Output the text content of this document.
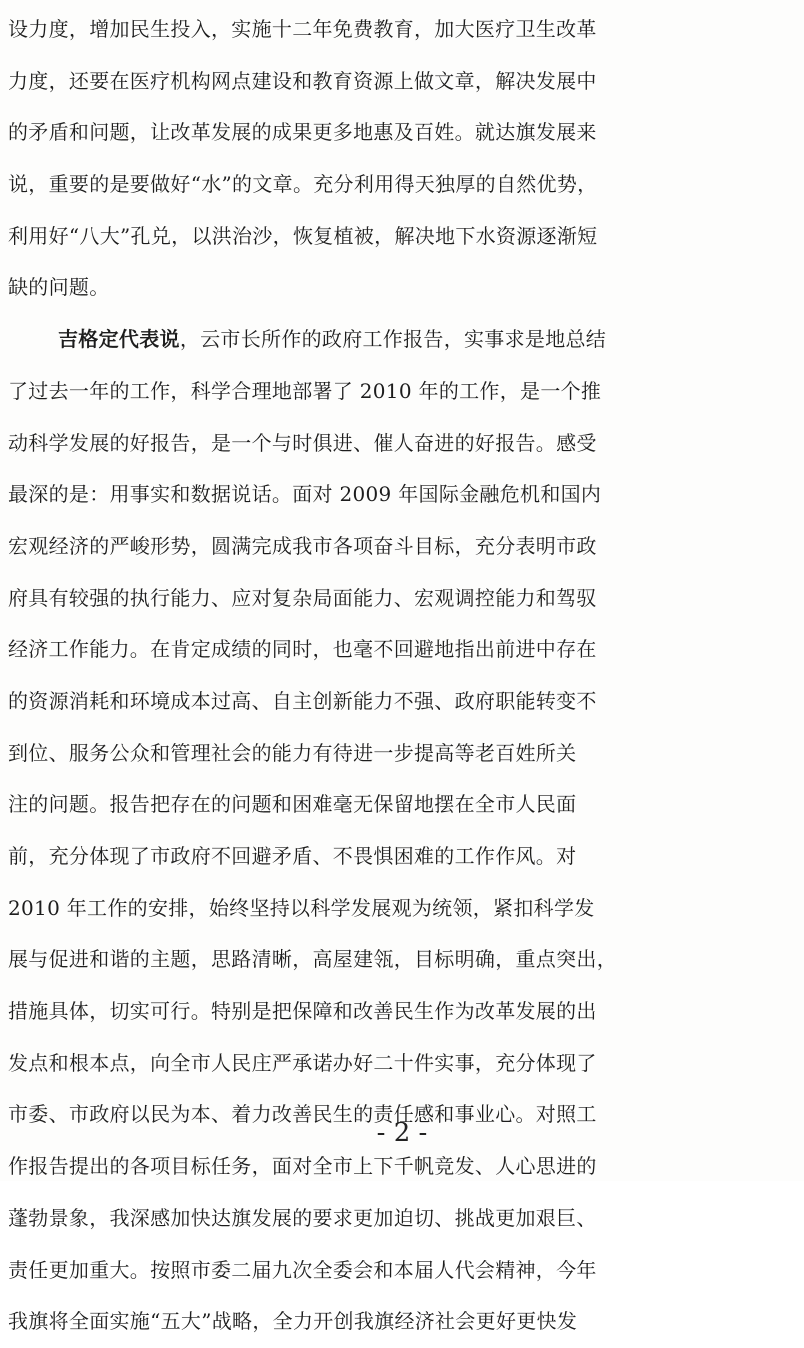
设力度，增加民生投入，实施十二年免费教育，加大医疗卫生改革
力度，还要在医疗机构网点建设和教育资源上做文章，解决发展中
的矛盾和问题，让改革发展的成果更多地惠及百姓。就达旗发展来
说，重要的是要做好“水”的文章。充分利用得天独厚的自然优势，
利用好“八大”孔兑，以洪治沙，恢复植被，解决地下水资源逐渐短
缺的问题。
吉格定代表说，云市长所作的政府工作报告，实事求是地总结
了过去一年的工作，科学合理地部署了 2010 年的工作，是一个推
动科学发展的好报告，是一个与时俱进、催人奋进的好报告。感受
最深的是：用事实和数据说话。面对 2009 年国际金融危机和国内
宏观经济的严峻形势，圆满完成我市各项奋斗目标，充分表明市政
府具有较强的执行能力、应对复杂局面能力、宏观调控能力和驾驭
经济工作能力。在肯定成绩的同时，也毫不回避地指出前进中存在
的资源消耗和环境成本过高、自主创新能力不强、政府职能转变不
到位、服务公众和管理社会的能力有待进一步提高等老百姓所关
注的问题。报告把存在的问题和困难毫无保留地摆在全市人民面
前，充分体现了市政府不回避矛盾、不畏惧困难的工作作风。对
2010 年工作的安排，始终坚持以科学发展观为统领，紧扣科学发
展与促进和谐的主题，思路清晰，高屋建瓴，目标明确，重点突出，
措施具体，切实可行。特别是把保障和改善民生作为改革发展的出
发点和根本点，向全市人民庄严承诺办好二十件实事，充分体现了
市委、市政府以民为本、着力改善民生的责任感和事业心。对照工
作报告提出的各项目标任务，面对全市上下千帆竞发、人心思进的
蓬勃景象，我深感加快达旗发展的要求更加迫切、挑战更加艰巨、
责任更加重大。按照市委二届九次全委会和本届人代会精神，今年
我旗将全面实施“五大”战略，全力开创我旗经济社会更好更快发
- 2 -
